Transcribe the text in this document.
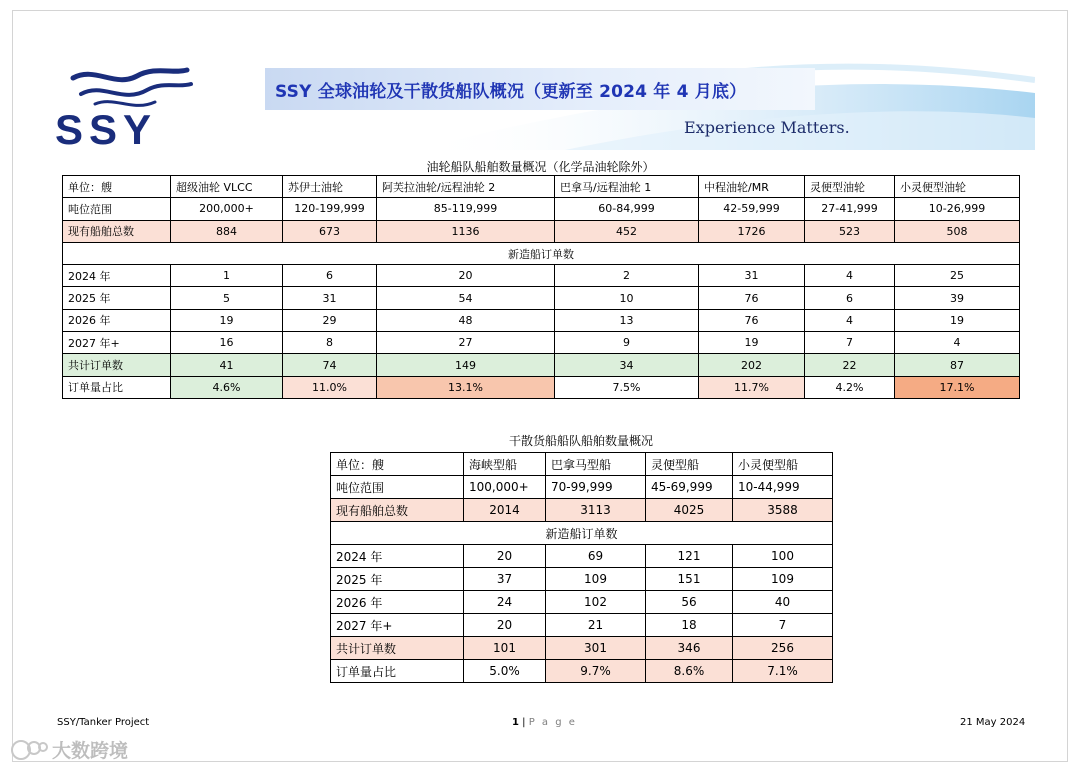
SSY
SSY 全球油轮及干散货船队概况（更新至 2024 年 4 月底）
Experience Matters.
油轮船队船舶数量概况（化学品油轮除外）
单位：艘	超级油轮 VLCC	苏伊士油轮	阿芙拉油轮/远程油轮 2	巴拿马/远程油轮 1	中程油轮/MR	灵便型油轮	小灵便型油轮
吨位范围	200,000+	120-199,999	85-119,999	60-84,999	42-59,999	27-41,999	10-26,999
现有船舶总数	884	673	1136	452	1726	523	508
新造船订单数							
2024 年	1	6	20	2	31	4	25
2025 年	5	31	54	10	76	6	39
2026 年	19	29	48	13	76	4	19
2027 年+	16	8	27	9	19	7	4
共计订单数	41	74	149	34	202	22	87
订单量占比	4.6%	11.0%	13.1%	7.5%	11.7%	4.2%	17.1%
干散货船船队船舶数量概况
单位：艘	海峡型船	巴拿马型船	灵便型船	小灵便型船
吨位范围	100,000+	70-99,999	45-69,999	10-44,999
现有船舶总数	2014	3113	4025	3588
新造船订单数				
2024 年	20	69	121	100
2025 年	37	109	151	109
2026 年	24	102	56	40
2027 年+	20	21	18	7
共计订单数	101	301	346	256
订单量占比	5.0%	9.7%	8.6%	7.1%
SSY/Tanker Project	1 | P a g e	21 May 2024
大数跨境
